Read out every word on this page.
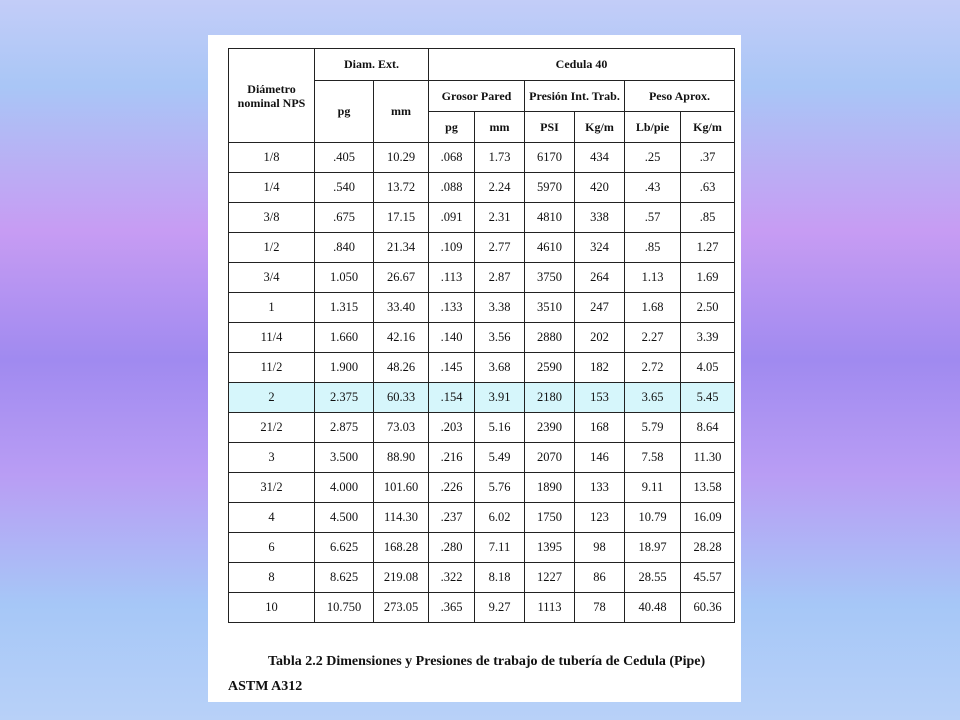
Diámetro nominal NPS	Diam. Ext.		Cedula 40					
	pg	mm	Grosor Pared		Presión Int. Trab.		Peso Aprox.	
			pg	mm	PSI	Kg/m	Lb/pie	Kg/m
1/8	.405	10.29	.068	1.73	6170	434	.25	.37
1/4	.540	13.72	.088	2.24	5970	420	.43	.63
3/8	.675	17.15	.091	2.31	4810	338	.57	.85
1/2	.840	21.34	.109	2.77	4610	324	.85	1.27
3/4	1.050	26.67	.113	2.87	3750	264	1.13	1.69
1	1.315	33.40	.133	3.38	3510	247	1.68	2.50
11/4	1.660	42.16	.140	3.56	2880	202	2.27	3.39
11/2	1.900	48.26	.145	3.68	2590	182	2.72	4.05
2	2.375	60.33	.154	3.91	2180	153	3.65	5.45
21/2	2.875	73.03	.203	5.16	2390	168	5.79	8.64
3	3.500	88.90	.216	5.49	2070	146	7.58	11.30
31/2	4.000	101.60	.226	5.76	1890	133	9.11	13.58
4	4.500	114.30	.237	6.02	1750	123	10.79	16.09
6	6.625	168.28	.280	7.11	1395	98	18.97	28.28
8	8.625	219.08	.322	8.18	1227	86	28.55	45.57
10	10.750	273.05	.365	9.27	1113	78	40.48	60.36
Tabla 2.2 Dimensiones y Presiones de trabajo de tubería de Cedula (Pipe)
ASTM A312
